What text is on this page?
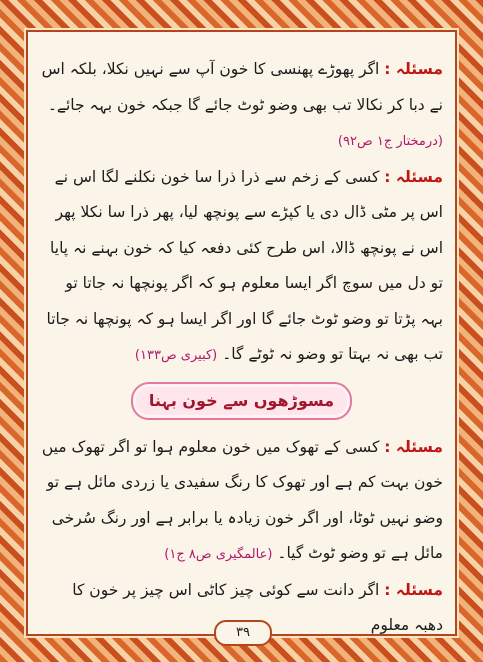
مسئلہ : اگر پھوڑے پھنسی کا خون آپ سے نہیں نکلا، بلکہ اس نے دبا کر نکالا تب بھی وضو ٹوٹ جائے گا جبکہ خون بہہ جائے۔ (درمختار ج۱ ص۹۲)

مسئلہ : کسی کے زخم سے ذرا ذرا سا خون نکلنے لگا اس نے اس پر مٹی ڈال دی یا کپڑے سے پونچھ لیا، پھر ذرا سا نکلا پھر اس نے پونچھ ڈالا، اس طرح کئی دفعہ کیا کہ خون بہنے نہ پایا تو دل میں سوچ اگر ایسا معلوم ہو کہ اگر پونچھا نہ جاتا تو بہہ پڑتا تو وضو ٹوٹ جائے گا اور اگر ایسا ہو کہ پونچھا نہ جاتا تب بھی نہ بہتا تو وضو نہ ٹوٹے گا۔ (کبیری ص۱۳۳)

مسوڑھوں سے خون بہنا

مسئلہ : کسی کے تھوک میں خون معلوم ہوا تو اگر تھوک میں خون بہت کم ہے اور تھوک کا رنگ سفیدی یا زردی مائل ہے تو وضو نہیں ٹوٹا، اور اگر خون زیادہ یا برابر ہے اور رنگ سُرخی مائل ہے تو وضو ٹوٹ گیا۔ (عالمگیری ص۸ ج۱)

مسئلہ : اگر دانت سے کوئی چیز کاٹی اس چیز پر خون کا دھبہ معلوم

۳۹
